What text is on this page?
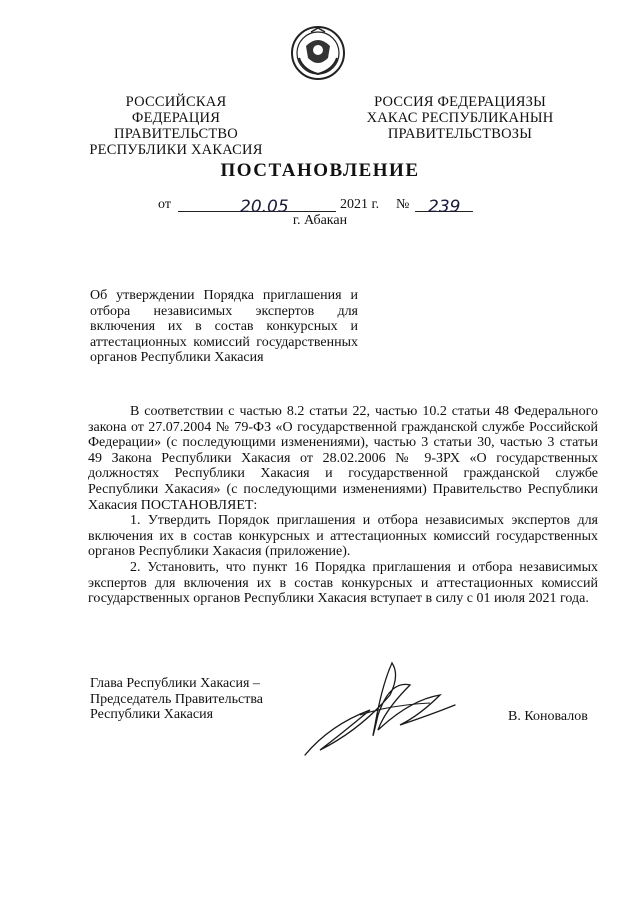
РОССИЙСКАЯ ФЕДЕРАЦИЯ
ПРАВИТЕЛЬСТВО
РЕСПУБЛИКИ ХАКАСИЯ
РОССИЯ ФЕДЕРАЦИЯЗЫ
ХАКАС РЕСПУБЛИКАНЫН
ПРАВИТЕЛЬСТВОЗЫ
ПОСТАНОВЛЕНИЕ
от	20.05	2021 г. № 239
г. Абакан
Об утверждении Порядка приглашения и отбора независимых экспертов для включения их в состав конкурсных и аттестационных комиссий государственных органов Республики Хакасия

В соответствии с частью 8.2 статьи 22, частью 10.2 статьи 48 Федерального закона от 27.07.2004 № 79-ФЗ «О государственной гражданской службе Российской Федерации» (с последующими изменениями), частью 3 статьи 30, частью 3 статьи 49 Закона Республики Хакасия от 28.02.2006 № 9-ЗРХ «О государственных должностях Республики Хакасия и государственной гражданской службе Республики Хакасия» (с последующими изменениями) Правительство Республики Хакасия ПОСТАНОВЛЯЕТ:

1. Утвердить Порядок приглашения и отбора независимых экспертов для включения их в состав конкурсных и аттестационных комиссий государственных органов Республики Хакасия (приложение).

2. Установить, что пункт 16 Порядка приглашения и отбора независимых экспертов для включения их в состав конкурсных и аттестационных комиссий государственных органов Республики Хакасия вступает в силу с 01 июля 2021 года.

Глава Республики Хакасия –
Председатель Правительства
Республики Хакасия	В. Коновалов
